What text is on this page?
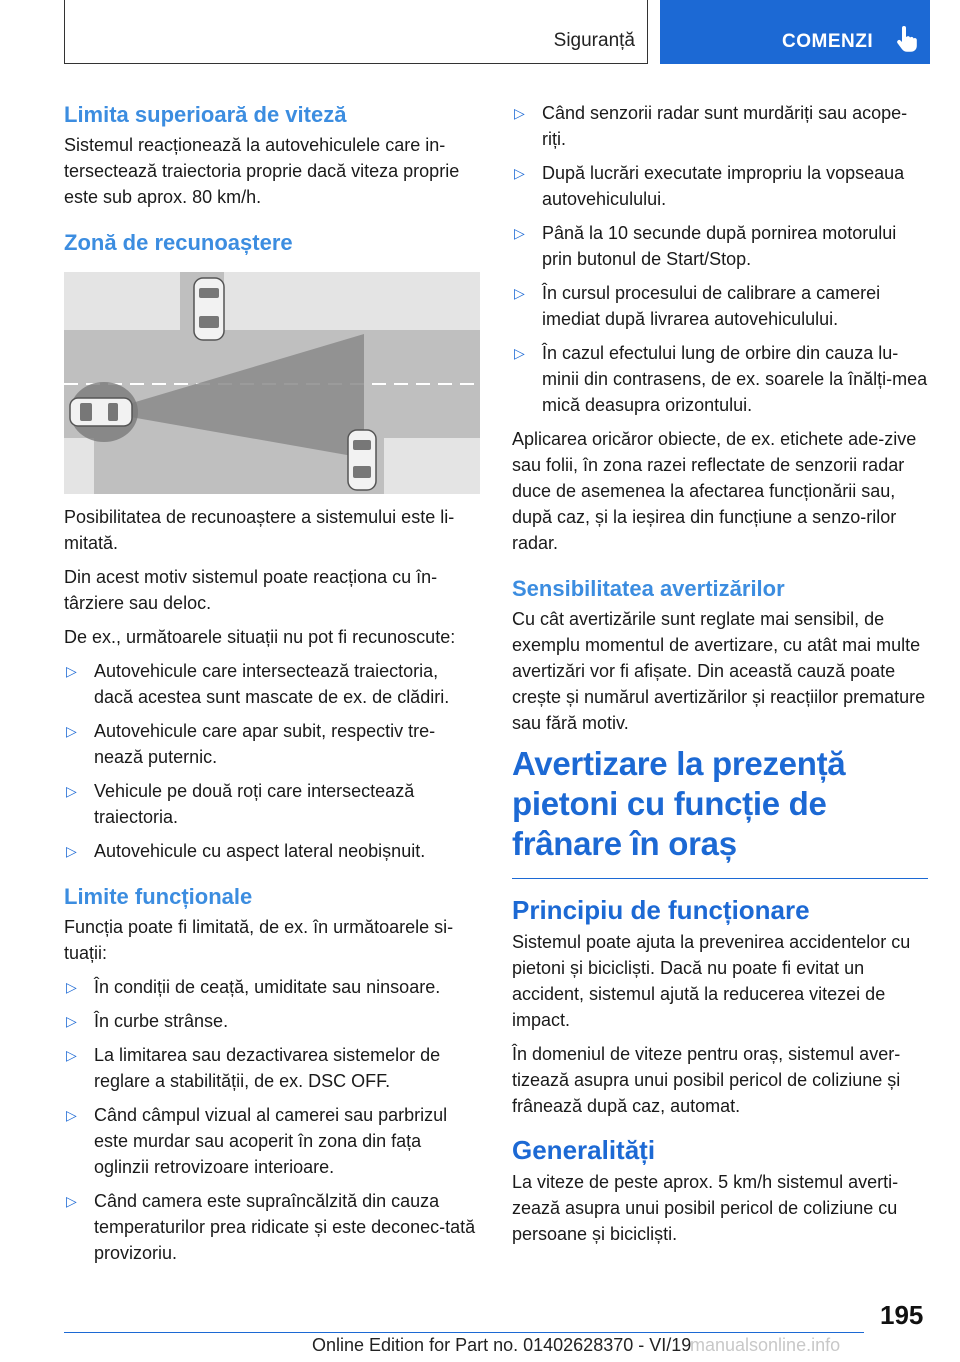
Siguranță	COMENZI
Limita superioară de viteză

Sistemul reacționează la autovehiculele care in-tersectează traiectoria proprie dacă viteza proprie este sub aprox. 80 km/h.

Zonă de recunoaștere

Posibilitatea de recunoaștere a sistemului este li-mitată.

Din acest motiv sistemul poate reacționa cu în-târziere sau deloc.

De ex., următoarele situații nu pot fi recunoscute:

▷ Autovehicule care intersectează traiectoria, dacă acestea sunt mascate de ex. de clădiri.
▷ Autovehicule care apar subit, respectiv tre-nează puternic.
▷ Vehicule pe două roți care intersectează traiectoria.
▷ Autovehicule cu aspect lateral neobișnuit.
Limite funcționale

Funcția poate fi limitată, de ex. în următoarele si-tuații:

▷ În condiții de ceață, umiditate sau ninsoare.
▷ În curbe strânse.
▷ La limitarea sau dezactivarea sistemelor de reglare a stabilității, de ex. DSC OFF.
▷ Când câmpul vizual al camerei sau parbrizul este murdar sau acoperit în zona din fața oglinzii retrovizoare interioare.
▷ Când camera este supraîncălzită din cauza temperaturilor prea ridicate și este deconec-tată provizoriu.
▷ Când senzorii radar sunt murdăriți sau acope-riți.
▷ După lucrări executate impropriu la vopseaua autovehiculului.
▷ Până la 10 secunde după pornirea motorului prin butonul de Start/Stop.
▷ În cursul procesului de calibrare a camerei imediat după livrarea autovehiculului.
▷ În cazul efectului lung de orbire din cauza lu-minii din contrasens, de ex. soarele la înălți-mea mică deasupra orizontului.

Aplicarea oricăror obiecte, de ex. etichete ade-zive sau folii, în zona razei reflectate de senzorii radar duce de asemenea la afectarea funcționării sau, după caz, și la ieșirea din funcțiune a senzo-rilor radar.

Sensibilitatea avertizărilor

Cu cât avertizările sunt reglate mai sensibil, de exemplu momentul de avertizare, cu atât mai multe avertizări vor fi afișate. Din această cauză poate crește și numărul avertizărilor și reacțiilor premature sau fără motiv.

Avertizare la prezență pietoni cu funcție de frânare în oraș
Principiu de funcționare

Sistemul poate ajuta la prevenirea accidentelor cu pietoni și bicicliști. Dacă nu poate fi evitat un accident, sistemul ajută la reducerea vitezei de impact.

În domeniul de viteze pentru oraș, sistemul aver-tizează asupra unui posibil pericol de coliziune și frânează după caz, automat.

Generalități

La viteze de peste aprox. 5 km/h sistemul averti-zează asupra unui posibil pericol de coliziune cu persoane și bicicliști.

195
Online Edition for Part no. 01402628370 - VI/19
manualsonline.info
